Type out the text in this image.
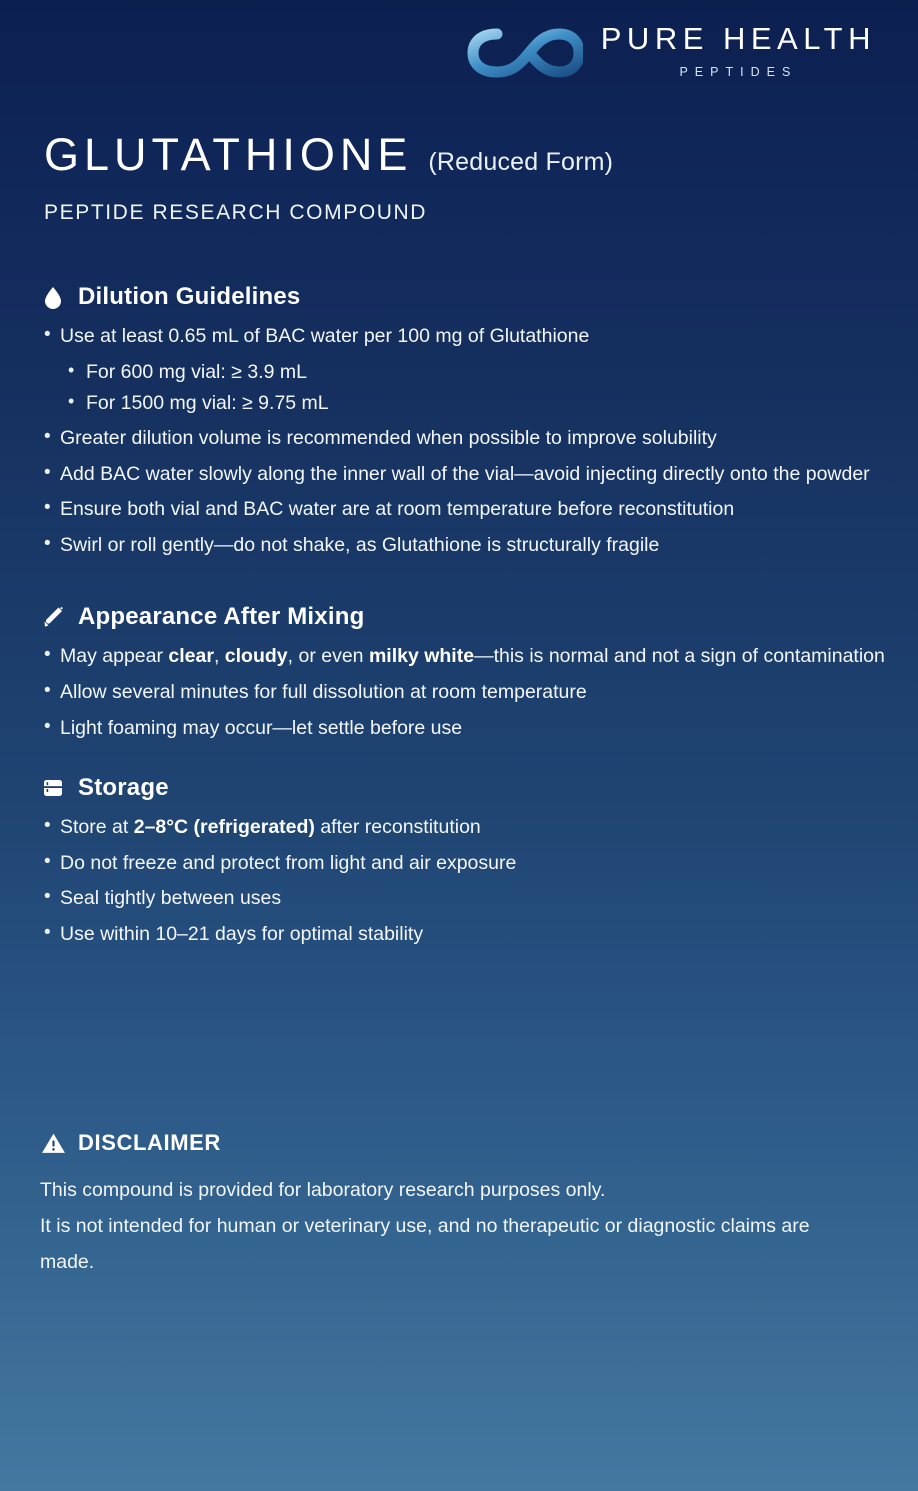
PURE HEALTH
PEPTIDES
GLUTATHIONE (Reduced Form)
PEPTIDE RESEARCH COMPOUND
Dilution Guidelines
• Use at least 0.65 mL of BAC water per 100 mg of Glutathione
• For 600 mg vial: ≥ 3.9 mL
• For 1500 mg vial: ≥ 9.75 mL
• Greater dilution volume is recommended when possible to improve solubility
• Add BAC water slowly along the inner wall of the vial—avoid injecting directly onto the powder
• Ensure both vial and BAC water are at room temperature before reconstitution
• Swirl or roll gently—do not shake, as Glutathione is structurally fragile
Appearance After Mixing
• May appear clear, cloudy, or even milky white—this is normal and not a sign of contamination
• Allow several minutes for full dissolution at room temperature
• Light foaming may occur—let settle before use
Storage
• Store at 2–8°C (refrigerated) after reconstitution
• Do not freeze and protect from light and air exposure
• Seal tightly between uses
• Use within 10–21 days for optimal stability
DISCLAIMER
This compound is provided for laboratory research purposes only.
It is not intended for human or veterinary use, and no therapeutic or diagnostic claims are made.
